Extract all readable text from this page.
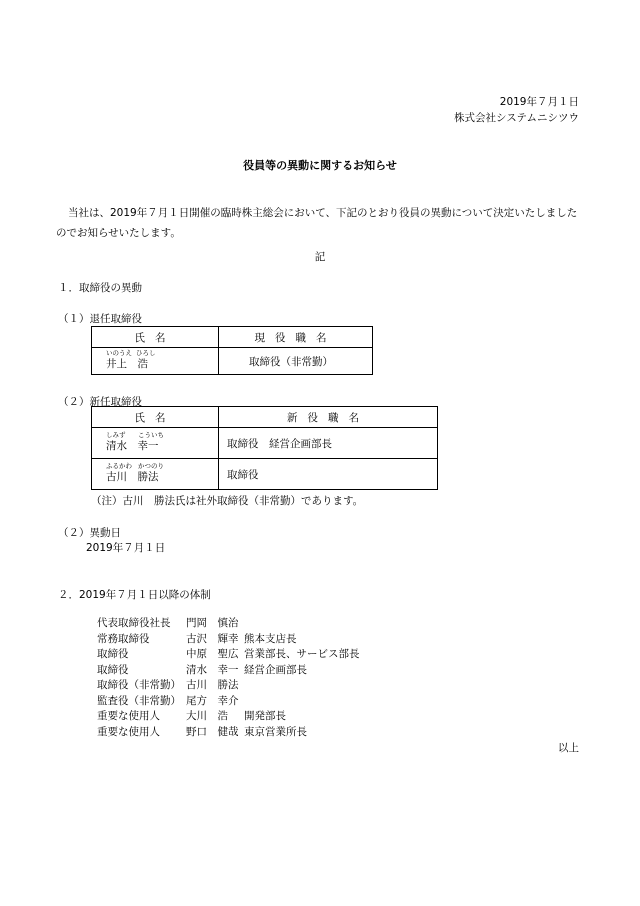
2019年７月１日
株式会社システムニシツウ
役員等の異動に関するお知らせ
当社は、2019年７月１日開催の臨時株主総会において、下記のとおり役員の異動について決定いたしましたのでお知らせいたします。
記
１．取締役の異動
（１）退任取締役
氏名	現役職名

いのうえ ひろし
井上　浩	取締役（非常勤）
（２）新任取締役
氏名	新役職名

しみず こういち
清水　幸一	取締役　経営企画部長

ふるかわ かつのり
古川　勝法	取締役
（注）古川　勝法氏は社外取締役（非常勤）であります。
（２）異動日
2019年７月１日
２．2019年７月１日以降の体制
代表取締役社長	門岡　慎治	
常務取締役	古沢　輝幸	熊本支店長
取締役	中原　聖広	営業部長、サービス部長
取締役	清水　幸一	経営企画部長
取締役（非常勤）	古川　勝法	
監査役（非常勤）	尾方　幸介	
重要な使用人	大川　浩	開発部長
重要な使用人	野口　健哉	東京営業所長
以上
